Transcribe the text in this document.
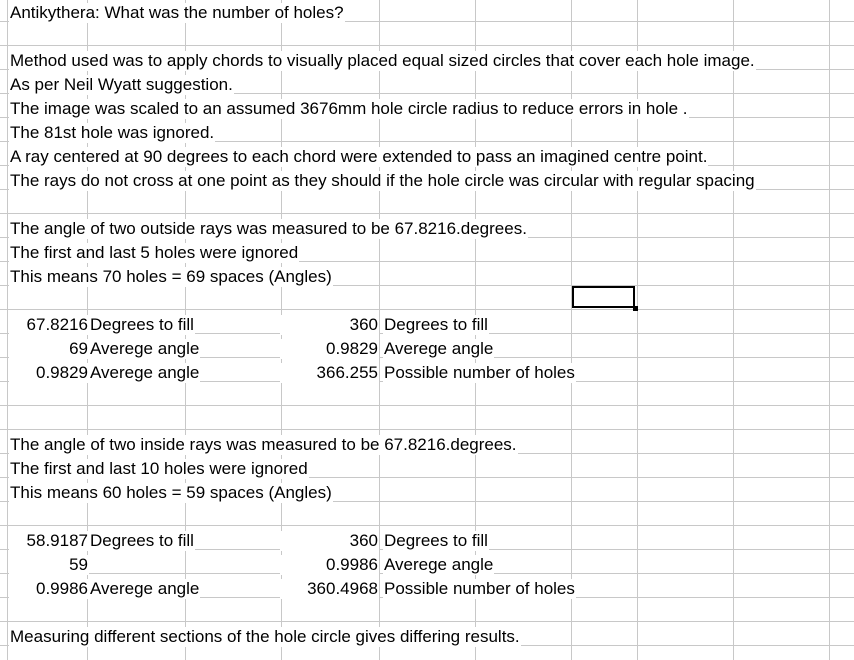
Antikythera: What was the number of holes?
Method used was to apply chords to visually placed equal sized circles that cover each hole image.
As per Neil Wyatt suggestion.
The image was scaled to an assumed 3676mm hole circle radius to reduce errors in hole .
The 81st hole was ignored.
A ray centered at 90 degrees to each chord were extended to pass an imagined centre point.
The rays do not cross at one point as they should if the hole circle was circular with regular spacing
The angle of two outside rays was measured to be 67.8216.degrees.
The first and last 5 holes were ignored
This means 70 holes = 69 spaces (Angles)
67.8216 Degrees to fill
69 Averege angle
0.9829 Averege angle
360 Degrees to fill
0.9829 Averege angle
366.255 Possible number of holes
The angle of two inside rays was measured to be 67.8216.degrees.
The first and last 10 holes were ignored
This means 60 holes = 59 spaces (Angles)
58.9187 Degrees to fill
59
0.9986 Averege angle
360 Degrees to fill
0.9986 Averege angle
360.4968 Possible number of holes
Measuring different sections of the hole circle gives differing results.
